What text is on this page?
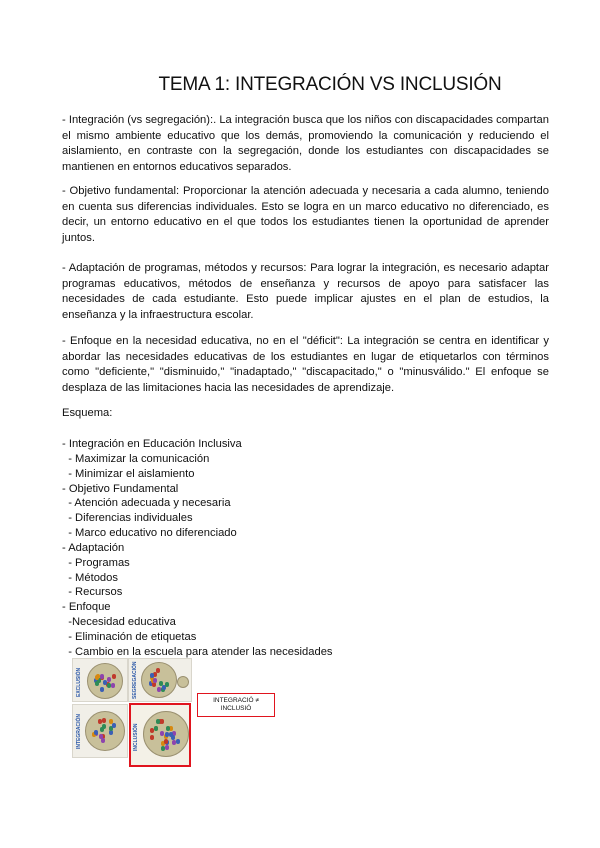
TEMA 1: INTEGRACIÓN VS INCLUSIÓN

- Integración (vs segregación):. La integración busca que los niños con discapacidades compartan el mismo ambiente educativo que los demás, promoviendo la comunicación y reduciendo el aislamiento, en contraste con la segregación, donde los estudiantes con discapacidades se mantienen en entornos educativos separados.

- Objetivo fundamental: Proporcionar la atención adecuada y necesaria a cada alumno, teniendo en cuenta sus diferencias individuales. Esto se logra en un marco educativo no diferenciado, es decir, un entorno educativo en el que todos los estudiantes tienen la oportunidad de aprender juntos.

- Adaptación de programas, métodos y recursos: Para lograr la integración, es necesario adaptar programas educativos, métodos de enseñanza y recursos de apoyo para satisfacer las necesidades de cada estudiante. Esto puede implicar ajustes en el plan de estudios, la enseñanza y la infraestructura escolar.

- Enfoque en la necesidad educativa, no en el "déficit": La integración se centra en identificar y abordar las necesidades educativas de los estudiantes en lugar de etiquetarlos con términos como "deficiente," "disminuido," "inadaptado," "discapacitado," o "minusválido." El enfoque se desplaza de las limitaciones hacia las necesidades de aprendizaje.

Esquema:

- Integración en Educación Inclusiva
- Maximizar la comunicación
- Minimizar el aislamiento
- Objetivo Fundamental
- Atención adecuada y necesaria
- Diferencias individuales
- Marco educativo no diferenciado
- Adaptación
- Programas
- Métodos
- Recursos
- Enfoque
-Necesidad educativa
- Eliminación de etiquetas
- Cambio en la escuela para atender las necesidades
EXCLUSIÓN	SEGREGACIÓN
INTEGRACIÓN	INCLUSIÓN
INTEGRACIÓ ≠
INCLUSIÓ
